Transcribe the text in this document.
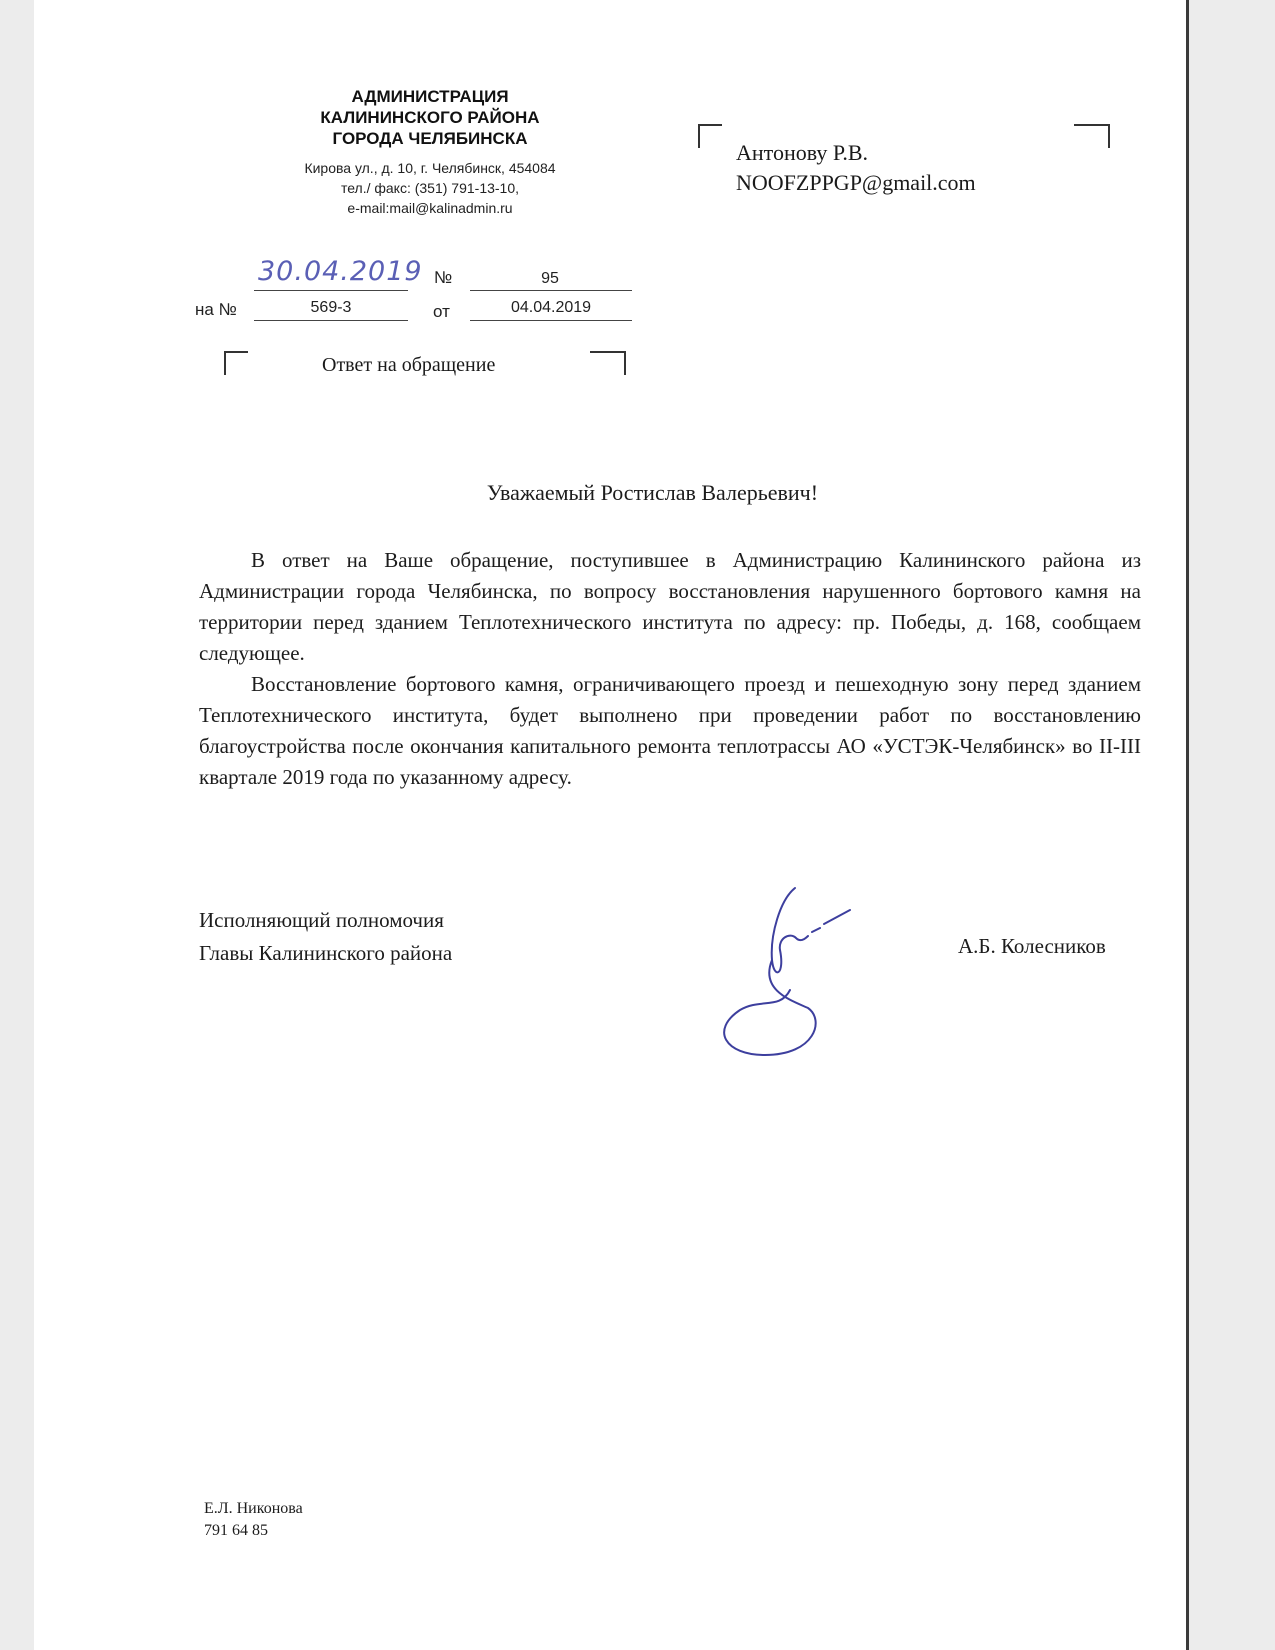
АДМИНИСТРАЦИЯ
КАЛИНИНСКОГО РАЙОНА
ГОРОДА ЧЕЛЯБИНСКА
Кирова ул., д. 10, г. Челябинск, 454084
тел./ факс: (351) 791-13-10,
e-mail:mail@kalinadmin.ru
Антонову Р.В.
NOOFZPPGP@gmail.com
30.04.2019 №	95
на №	569-3	от	04.04.2019
Ответ на обращение
Уважаемый Ростислав Валерьевич!

В ответ на Ваше обращение, поступившее в Администрацию Калининского района из Администрации города Челябинска, по вопросу восстановления нарушенного бортового камня на территории перед зданием Теплотехнического института по адресу: пр. Победы, д. 168, сообщаем следующее.

Восстановление бортового камня, ограничивающего проезд и пешеходную зону перед зданием Теплотехнического института, будет выполнено при проведении работ по восстановлению благоустройства после окончания капитального ремонта теплотрассы АО «УСТЭК-Челябинск» во II-III квартале 2019 года по указанному адресу.

Исполняющий полномочия
Главы Калининского района	А.Б. Колесников
Е.Л. Никонова
791 64 85
